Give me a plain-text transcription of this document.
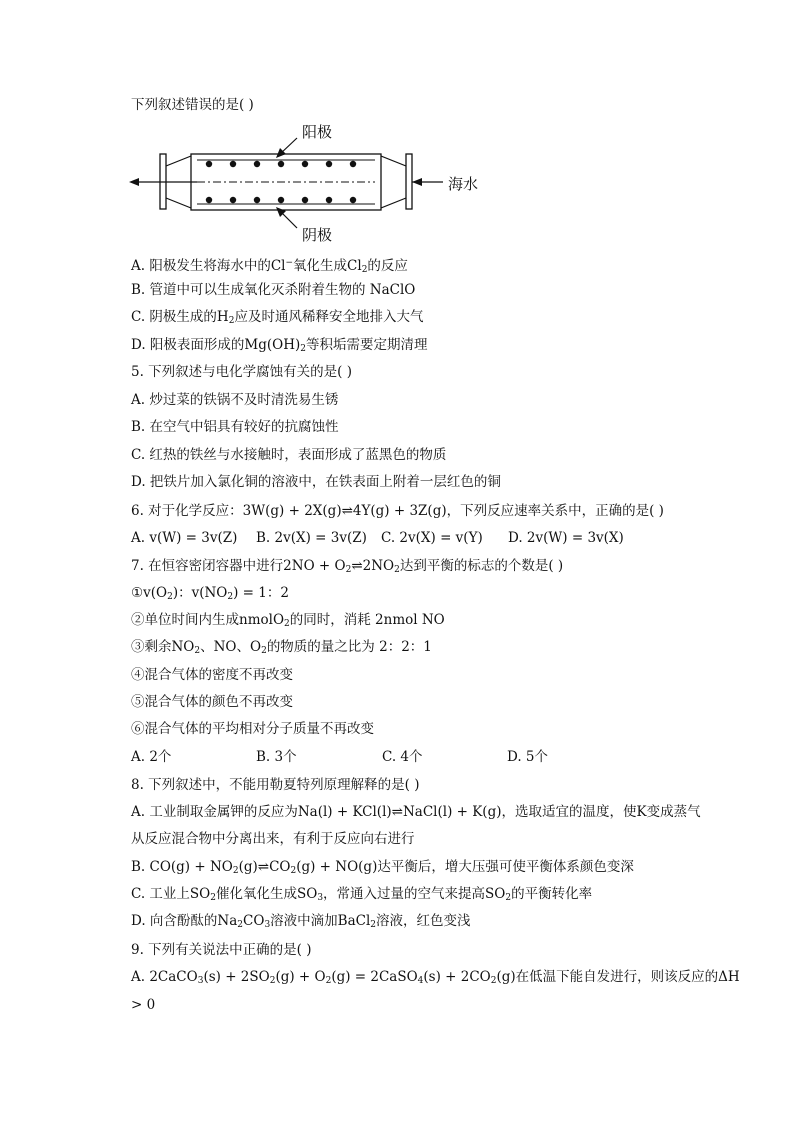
下列叙述错误的是( )
阳极
阴极
海水
A. 阳极发生将海水中的Cl−氧化生成$Cl_2$的反应
B. 管道中可以生成氧化灭杀附着生物的 NaClO
C. 阴极生成的$H_2$应及时通风稀释安全地排入大气
D. 阳极表面形成的$Mg(OH)_2$等积垢需要定期清理
5. 下列叙述与电化学腐蚀有关的是( )
A. 炒过菜的铁锅不及时清洗易生锈
B. 在空气中铝具有较好的抗腐蚀性
C. 红热的铁丝与水接触时，表面形成了蓝黑色的物质
D. 把铁片加入氯化铜的溶液中，在铁表面上附着一层红色的铜
6. 对于化学反应：3W(g) + 2X(g)⇌4Y(g) + 3Z(g)，下列反应速率关系中，正确的是( )
A. v(W) = 3v(Z) B. 2v(X) = 3v(Z) C. 2v(X) = v(Y) D. 2v(W) = 3v(X)
7. 在恒容密闭容器中进行$2NO + O_2\rightleftharpoons 2NO_2$达到平衡的标志的个数是( )
$①v(O_2)$：$v(NO_2) = 1$：2
②单位时间内生成nmolO$_2$的同时，消耗 2nmol NO
③剩余$NO_2$、NO、$O_2$的物质的量之比为 2：2：1
④混合气体的密度不再改变
⑤混合气体的颜色不再改变
⑥混合气体的平均相对分子质量不再改变
A. 2个	B. 3个	C. 4个	D. 5个
8. 下列叙述中，不能用勒夏特列原理解释的是( )
A. 工业制取金属钾的反应为Na(l) + KCl(l)⇌NaCl(l) + K(g)，选取适宜的温度，使K变成蒸气
从反应混合物中分离出来，有利于反应向右进行
B. $CO(g) + NO_2(g)\rightleftharpoons CO_2(g) + NO(g)$达平衡后，增大压强可使平衡体系颜色变深
C. 工业上$SO_2$催化氧化生成$SO_3$，常通入过量的空气来提高$SO_2$的平衡转化率
D. 向含酚酞的$Na_2CO_3$溶液中滴加BaCl$_2$溶液，红色变浅
9. 下列有关说法中正确的是( )
A. 2CaCO$_3$(s) + $2SO_2(g) + O_2(g)$ = 2CaSO$_4$(s) + $2CO_2(g)$在低温下能自发进行，则该反应的ΔH
> 0
